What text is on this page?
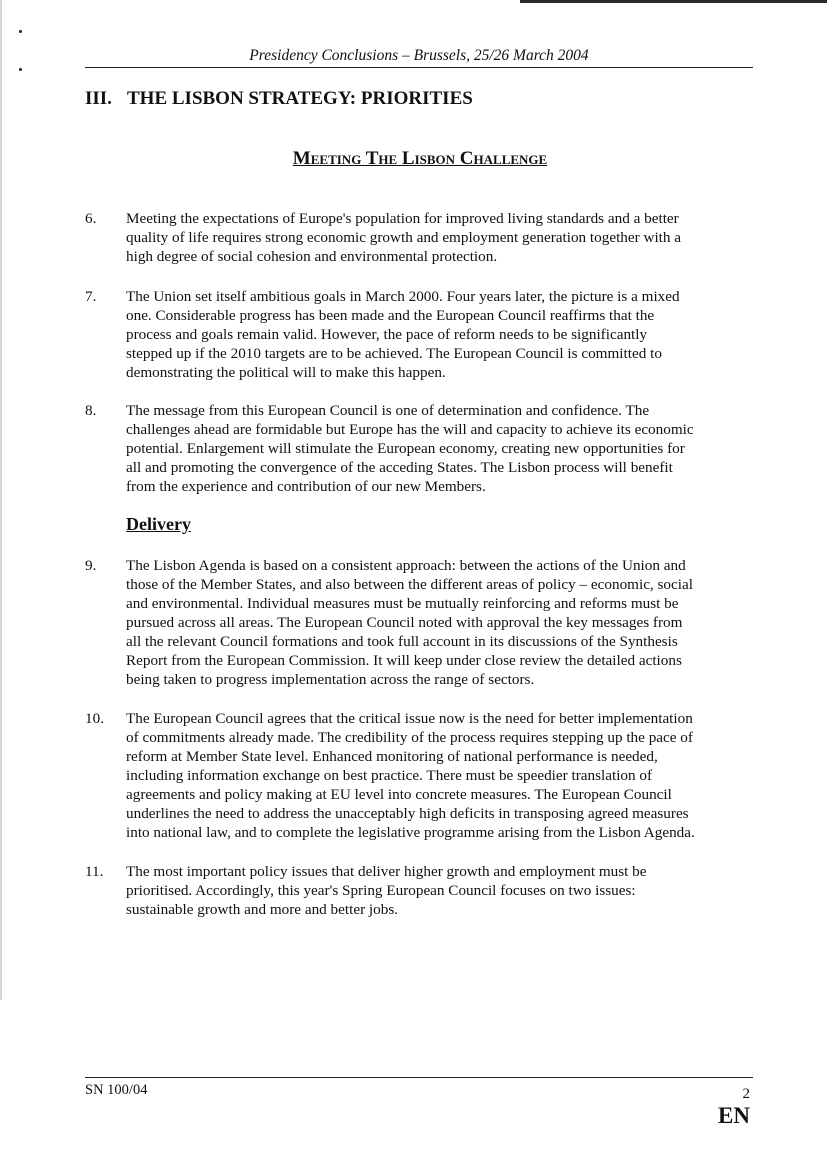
Presidency Conclusions – Brussels, 25/26 March 2004
III. THE LISBON STRATEGY: PRIORITIES
Meeting The Lisbon Challenge
6. Meeting the expectations of Europe's population for improved living standards and a better
quality of life requires strong economic growth and employment generation together with a
high degree of social cohesion and environmental protection.
7. The Union set itself ambitious goals in March 2000. Four years later, the picture is a mixed
one. Considerable progress has been made and the European Council reaffirms that the
process and goals remain valid. However, the pace of reform needs to be significantly
stepped up if the 2010 targets are to be achieved. The European Council is committed to
demonstrating the political will to make this happen.
8. The message from this European Council is one of determination and confidence. The
challenges ahead are formidable but Europe has the will and capacity to achieve its economic
potential. Enlargement will stimulate the European economy, creating new opportunities for
all and promoting the convergence of the acceding States. The Lisbon process will benefit
from the experience and contribution of our new Members.
Delivery
9. The Lisbon Agenda is based on a consistent approach: between the actions of the Union and
those of the Member States, and also between the different areas of policy – economic, social
and environmental. Individual measures must be mutually reinforcing and reforms must be
pursued across all areas. The European Council noted with approval the key messages from
all the relevant Council formations and took full account in its discussions of the Synthesis
Report from the European Commission. It will keep under close review the detailed actions
being taken to progress implementation across the range of sectors.
10. The European Council agrees that the critical issue now is the need for better implementation
of commitments already made. The credibility of the process requires stepping up the pace of
reform at Member State level. Enhanced monitoring of national performance is needed,
including information exchange on best practice. There must be speedier translation of
agreements and policy making at EU level into concrete measures. The European Council
underlines the need to address the unacceptably high deficits in transposing agreed measures
into national law, and to complete the legislative programme arising from the Lisbon Agenda.
11. The most important policy issues that deliver higher growth and employment must be
prioritised. Accordingly, this year's Spring European Council focuses on two issues:
sustainable growth and more and better jobs.
SN 100/04	2
EN
